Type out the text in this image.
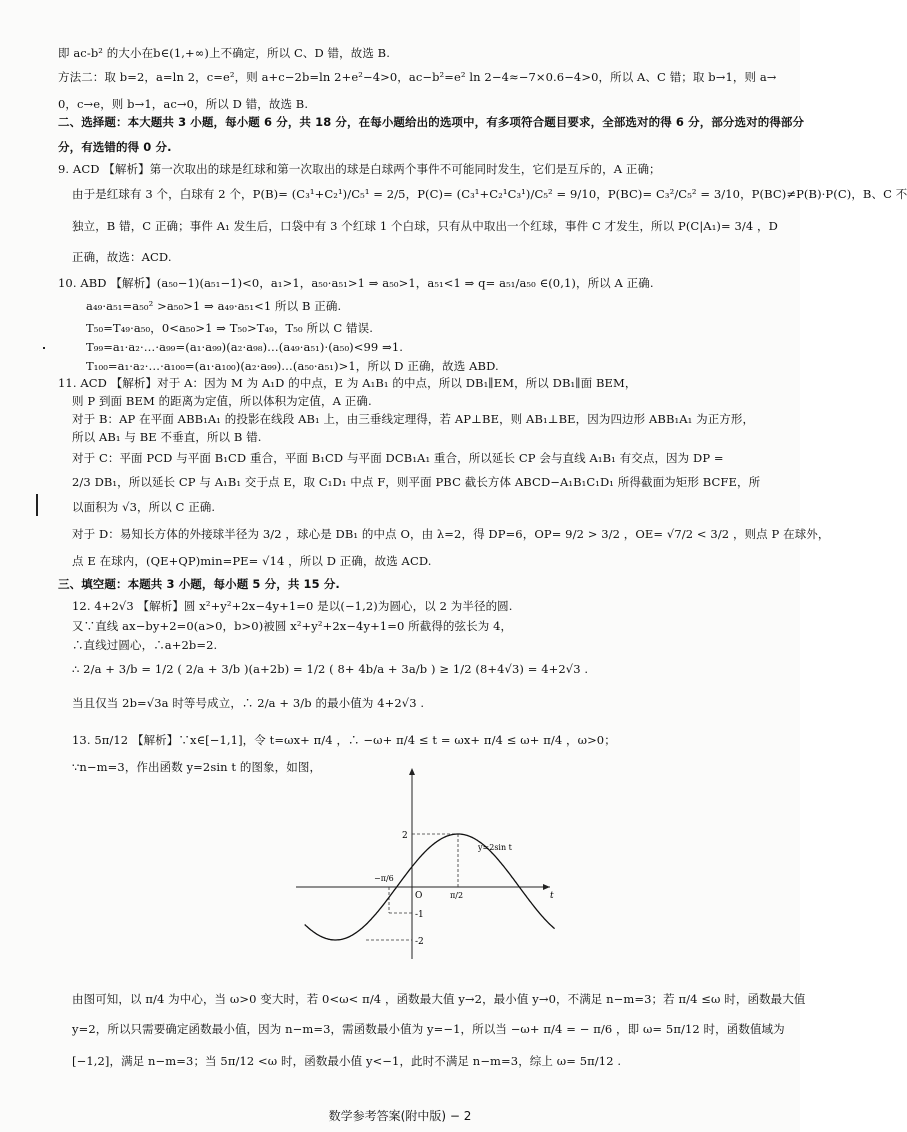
即 ac-b² 的大小在b∈(1,+∞)上不确定，所以 C、D 错，故选 B.
方法二：取 b=2，a=ln 2，c=e²，则 a+c−2b=ln 2+e²−4>0，ac−b²=e² ln 2−4≈−7×0.6−4>0，所以 A、C 错；取 b→1，则 a→
0，c→e，则 b→1，ac→0，所以 D 错，故选 B.
二、选择题：本大题共 3 小题，每小题 6 分，共 18 分，在每小题给出的选项中，有多项符合题目要求，全部选对的得 6 分，部分选对的得部分
分，有选错的得 0 分.
9. ACD 【解析】第一次取出的球是红球和第一次取出的球是白球两个事件不可能同时发生，它们是互斥的，A 正确；
由于是红球有 3 个，白球有 2 个，P(B)= (C₃¹+C₂¹)/C₅¹ = 2/5，P(C)= (C₃¹+C₂¹C₃¹)/C₅² = 9/10，P(BC)= C₃²/C₅² = 3/10，P(BC)≠P(B)·P(C)，B、C 不
独立，B 错，C 正确；事件 A₁ 发生后，口袋中有 3 个红球 1 个白球，只有从中取出一个红球，事件 C 才发生，所以 P(C|A₁)= 3/4 ，D
正确，故选：ACD.
10. ABD 【解析】(a₅₀−1)(a₅₁−1)<0，a₁>1，a₅₀·a₅₁>1 ⇒ a₅₀>1，a₅₁<1 ⇒ q= a₅₁/a₅₀ ∈(0,1)，所以 A 正确.
a₄₉·a₅₁=a₅₀² >a₅₀>1 ⇒ a₄₉·a₅₁<1 所以 B 正确.
T₅₀=T₄₉·a₅₀，0<a₅₀>1 ⇒ T₅₀>T₄₉，T₅₀ 所以 C 错误.
T₉₉=a₁·a₂·…·a₉₉=(a₁·a₉₉)(a₂·a₉₈)…(a₄₉·a₅₁)·(a₅₀)<99 ⇒1.
T₁₀₀=a₁·a₂·…·a₁₀₀=(a₁·a₁₀₀)(a₂·a₉₉)…(a₅₀·a₅₁)>1，所以 D 正确，故选 ABD.
11. ACD 【解析】对于 A：因为 M 为 A₁D 的中点，E 为 A₁B₁ 的中点，所以 DB₁∥EM，所以 DB₁∥面 BEM，
则 P 到面 BEM 的距离为定值，所以体积为定值，A 正确.
对于 B：AP 在平面 ABB₁A₁ 的投影在线段 AB₁ 上，由三垂线定理得，若 AP⊥BE，则 AB₁⊥BE，因为四边形 ABB₁A₁ 为正方形，
所以 AB₁ 与 BE 不垂直，所以 B 错.
对于 C：平面 PCD 与平面 B₁CD 重合，平面 B₁CD 与平面 DCB₁A₁ 重合，所以延长 CP 会与直线 A₁B₁ 有交点，因为 DP =
2/3 DB₁，所以延长 CP 与 A₁B₁ 交于点 E，取 C₁D₁ 中点 F，则平面 PBC 截长方体 ABCD−A₁B₁C₁D₁ 所得截面为矩形 BCFE，所
以面积为 √3，所以 C 正确.
对于 D：易知长方体的外接球半径为 3/2 ，球心是 DB₁ 的中点 O，由 λ=2，得 DP=6，OP= 9/2 > 3/2 ，OE= √7/2 < 3/2 ，则点 P 在球外，
点 E 在球内，(QE+QP)min=PE= √14 ，所以 D 正确，故选 ACD.
三、填空题：本题共 3 小题，每小题 5 分，共 15 分.
12. 4+2√3 【解析】圆 x²+y²+2x−4y+1=0 是以(−1,2)为圆心，以 2 为半径的圆.
又∵直线 ax−by+2=0(a>0，b>0)被圆 x²+y²+2x−4y+1=0 所截得的弦长为 4，
∴直线过圆心，∴a+2b=2.
∴ 2/a + 3/b = 1/2 ( 2/a + 3/b )(a+2b) = 1/2 ( 8+ 4b/a + 3a/b ) ≥ 1/2 (8+4√3) = 4+2√3 .
当且仅当 2b=√3a 时等号成立，∴ 2/a + 3/b 的最小值为 4+2√3 .
13. 5π/12 【解析】∵x∈[−1,1]，令 t=ωx+ π/4 ，∴ −ω+ π/4 ≤ t = ωx+ π/4 ≤ ω+ π/4 ，ω>0；
∵n−m=3，作出函数 y=2sin t 的图象，如图，
y=2sin t
t
O
2
-1
-2
−π/6
π/2
由图可知，以 π/4 为中心，当 ω>0 变大时，若 0<ω< π/4 ，函数最大值 y→2，最小值 y→0，不满足 n−m=3；若 π/4 ≤ω 时，函数最大值
y=2，所以只需要确定函数最小值，因为 n−m=3，需函数最小值为 y=−1，所以当 −ω+ π/4 = − π/6 ，即 ω= 5π/12 时，函数值域为
[−1,2]，满足 n−m=3；当 5π/12 <ω 时，函数最小值 y<−1，此时不满足 n−m=3，综上 ω= 5π/12 .
数学参考答案(附中版) − 2
